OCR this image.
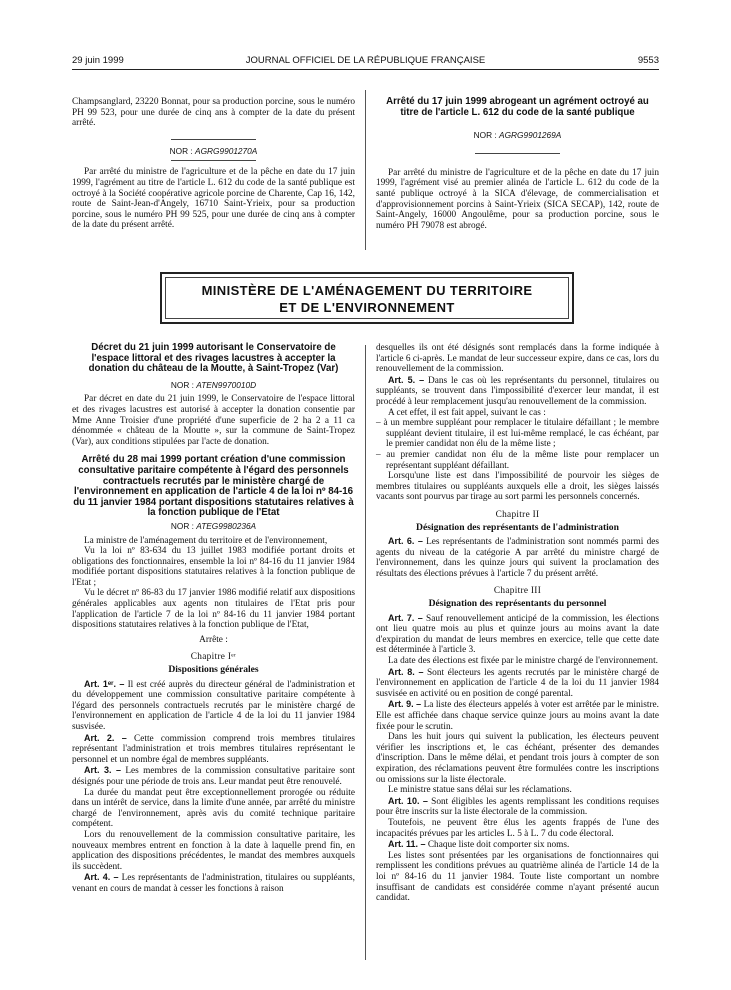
29 juin 1999	JOURNAL OFFICIEL DE LA RÉPUBLIQUE FRANÇAISE	9553

Champsanglard, 23220 Bonnat, pour sa production porcine, sous le numéro PH 99 523, pour une durée de cinq ans à compter de la date du présent arrêté.

NOR : AGRG9901270A

Par arrêté du ministre de l'agriculture et de la pêche en date du 17 juin 1999, l'agrément au titre de l'article L. 612 du code de la santé publique est octroyé à la Société coopérative agricole porcine de Charente, Cap 16, 142, route de Saint-Jean-d'Angely, 16710 Saint-Yrieix, pour sa production porcine, sous le numéro PH 99 525, pour une durée de cinq ans à compter de la date du présent arrêté.

Arrêté du 17 juin 1999 abrogeant un agrément octroyé au titre de l'article L. 612 du code de la santé publique
NOR : AGRG9901269A

Par arrêté du ministre de l'agriculture et de la pêche en date du 17 juin 1999, l'agrément visé au premier alinéa de l'article L. 612 du code de la santé publique octroyé à la SICA d'élevage, de commercialisation et d'approvisionnement porcins à Saint-Yrieix (SICA SECAP), 142, route de Saint-Angely, 16000 Angoulême, pour sa production porcine, sous le numéro PH 79078 est abrogé.

MINISTÈRE DE L'AMÉNAGEMENT DU TERRITOIRE
ET DE L'ENVIRONNEMENT
Décret du 21 juin 1999 autorisant le Conservatoire de l'espace littoral et des rivages lacustres à accepter la donation du château de la Moutte, à Saint-Tropez (Var)
NOR : ATEN9970010D

Par décret en date du 21 juin 1999, le Conservatoire de l'espace littoral et des rivages lacustres est autorisé à accepter la donation consentie par Mme Anne Troisier d'une propriété d'une superficie de 2 ha 2 a 11 ca dénommée « château de la Moutte », sur la commune de Saint-Tropez (Var), aux conditions stipulées par l'acte de donation.

Arrêté du 28 mai 1999 portant création d'une commission consultative paritaire compétente à l'égard des personnels contractuels recrutés par le ministère chargé de l'environnement en application de l'article 4 de la loi nº 84-16 du 11 janvier 1984 portant dispositions statutaires relatives à la fonction publique de l'Etat
NOR : ATEG9980236A

La ministre de l'aménagement du territoire et de l'environnement,

Vu la loi nº 83-634 du 13 juillet 1983 modifiée portant droits et obligations des fonctionnaires, ensemble la loi nº 84-16 du 11 janvier 1984 modifiée portant dispositions statutaires relatives à la fonction publique de l'Etat ;

Vu le décret nº 86-83 du 17 janvier 1986 modifié relatif aux dispositions générales applicables aux agents non titulaires de l'Etat pris pour l'application de l'article 7 de la loi nº 84-16 du 11 janvier 1984 portant dispositions statutaires relatives à la fonction publique de l'Etat,

Arrête :

Chapitre Iᵉʳ
Dispositions générales

Art. 1ᵉʳ. – Il est créé auprès du directeur général de l'administration et du développement une commission consultative paritaire compétente à l'égard des personnels contractuels recrutés par le ministère chargé de l'environnement en application de l'article 4 de la loi du 11 janvier 1984 susvisée.

Art. 2. – Cette commission comprend trois membres titulaires représentant l'administration et trois membres titulaires représentant le personnel et un nombre égal de membres suppléants.

Art. 3. – Les membres de la commission consultative paritaire sont désignés pour une période de trois ans. Leur mandat peut être renouvelé.

La durée du mandat peut être exceptionnellement prorogée ou réduite dans un intérêt de service, dans la limite d'une année, par arrêté du ministre chargé de l'environnement, après avis du comité technique paritaire compétent.

Lors du renouvellement de la commission consultative paritaire, les nouveaux membres entrent en fonction à la date à laquelle prend fin, en application des dispositions précédentes, le mandat des membres auxquels ils succèdent.

Art. 4. – Les représentants de l'administration, titulaires ou suppléants, venant en cours de mandat à cesser les fonctions à raison

desquelles ils ont été désignés sont remplacés dans la forme indiquée à l'article 6 ci-après. Le mandat de leur successeur expire, dans ce cas, lors du renouvellement de la commission.

Art. 5. – Dans le cas où les représentants du personnel, titulaires ou suppléants, se trouvent dans l'impossibilité d'exercer leur mandat, il est procédé à leur remplacement jusqu'au renouvellement de la commission.

A cet effet, il est fait appel, suivant le cas :

– à un membre suppléant pour remplacer le titulaire défaillant ; le membre suppléant devient titulaire, il est lui-même remplacé, le cas échéant, par le premier candidat non élu de la même liste ;

– au premier candidat non élu de la même liste pour remplacer un représentant suppléant défaillant.

Lorsqu'une liste est dans l'impossibilité de pourvoir les sièges de membres titulaires ou suppléants auxquels elle a droit, les sièges laissés vacants sont pourvus par tirage au sort parmi les personnels concernés.

Chapitre II
Désignation des représentants de l'administration

Art. 6. – Les représentants de l'administration sont nommés parmi des agents du niveau de la catégorie A par arrêté du ministre chargé de l'environnement, dans les quinze jours qui suivent la proclamation des résultats des élections prévues à l'article 7 du présent arrêté.

Chapitre III
Désignation des représentants du personnel

Art. 7. – Sauf renouvellement anticipé de la commission, les élections ont lieu quatre mois au plus et quinze jours au moins avant la date d'expiration du mandat de leurs membres en exercice, telle que cette date est déterminée à l'article 3.

La date des élections est fixée par le ministre chargé de l'environnement.

Art. 8. – Sont électeurs les agents recrutés par le ministère chargé de l'environnement en application de l'article 4 de la loi du 11 janvier 1984 susvisée en activité ou en position de congé parental.

Art. 9. – La liste des électeurs appelés à voter est arrêtée par le ministre. Elle est affichée dans chaque service quinze jours au moins avant la date fixée pour le scrutin.

Dans les huit jours qui suivent la publication, les électeurs peuvent vérifier les inscriptions et, le cas échéant, présenter des demandes d'inscription. Dans le même délai, et pendant trois jours à compter de son expiration, des réclamations peuvent être formulées contre les inscriptions ou omissions sur la liste électorale.

Le ministre statue sans délai sur les réclamations.

Art. 10. – Sont éligibles les agents remplissant les conditions requises pour être inscrits sur la liste électorale de la commission.

Toutefois, ne peuvent être élus les agents frappés de l'une des incapacités prévues par les articles L. 5 à L. 7 du code électoral.

Art. 11. – Chaque liste doit comporter six noms.

Les listes sont présentées par les organisations de fonctionnaires qui remplissent les conditions prévues au quatrième alinéa de l'article 14 de la loi nº 84-16 du 11 janvier 1984. Toute liste comportant un nombre insuffisant de candidats est considérée comme n'ayant présenté aucun candidat.
